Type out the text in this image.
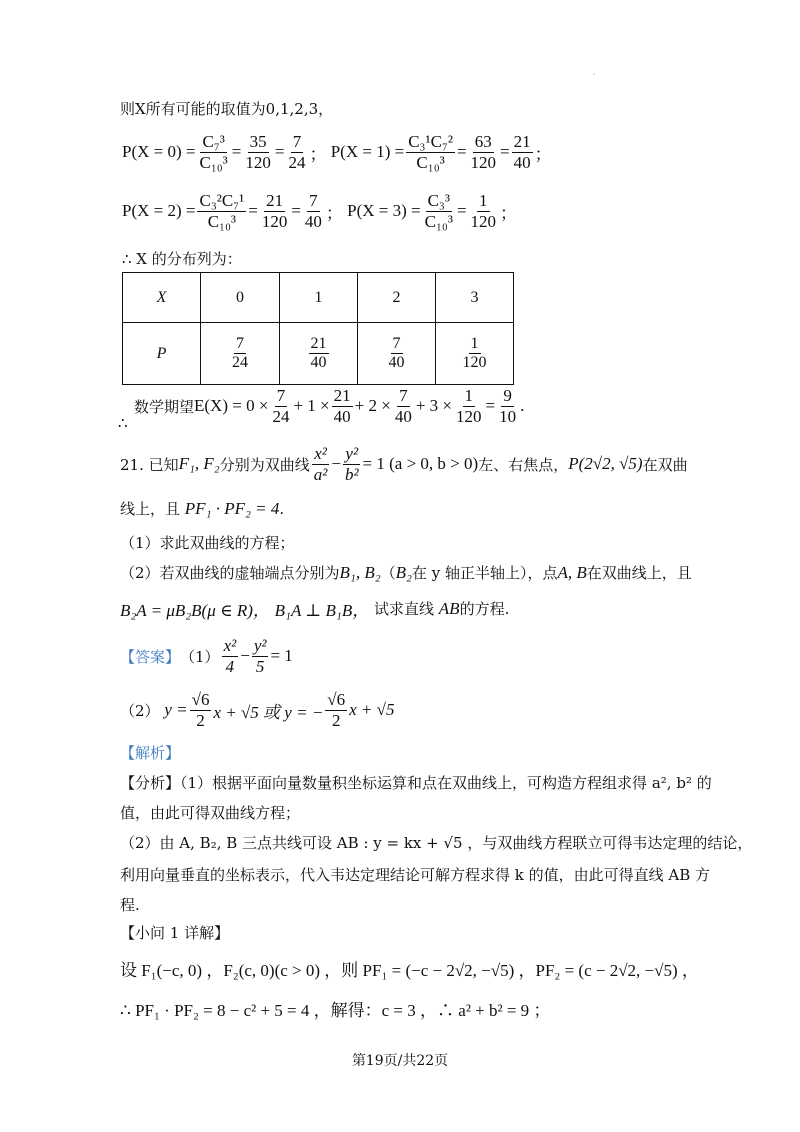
·
则X所有可能的取值为0,1,2,3，
$P(X = 0) = \frac{\text{C₇³}}{\text{C₁₀³}} = \frac{35}{120} = \frac{7}{24}$ ； $P(X = 1) = \frac{\text{C₃¹C₇²}}{\text{C₁₀³}} = \frac{63}{120} = \frac{21}{40}$ ；
$P(X = 2) = \frac{\text{C₃²C₇¹}}{\text{C₁₀³}} = \frac{21}{120} = \frac{7}{40}$ ； $P(X = 3) = \frac{\text{C₃³}}{\text{C₁₀³}} = \frac{1}{120}$ ；
∴ X 的分布列为：
X	0	1	2	3
P	$\frac{7}{24}$	$\frac{21}{40}$	$\frac{7}{40}$	$\frac{1}{120}$
∴
数学期望 $E(X) = 0 \times \frac{7}{24} + 1 \times \frac{21}{40} + 2 \times \frac{7}{40} + 3 \times \frac{1}{120} = \frac{9}{10}$ .
21. 已知 F₁, F₂ 分别为双曲线 $\frac{\text{x²}}{\text{a²}} - \frac{\text{y²}}{\text{b²}} = 1$ (a > 0, b > 0) 左、右焦点， P(2√2, √5) 在双曲
线上，且
PF₁ · PF₂ = 4 .
（1）求此双曲线的方程；
（2）若双曲线的虚轴端点分别为 B₁, B₂ （ B₂ 在 y 轴正半轴上），点 A, B 在双曲线上，且
B₂A = μB₂B(μ ∈ R)，
B₁A ⊥ B₁B，
试求直线
AB 的方程.
【答案】 $(1) \frac{\text{x²}}{4} - \frac{\text{y²}}{5} = 1$
（2）
$y = \frac{√6}{2}$ x + √5 或 y = − $\frac{√6}{2}$ x + √5
【解析】
【分析】（1）根据平面向量数量积坐标运算和点在双曲线上，可构造方程组求得 a², b² 的
值，由此可得双曲线方程；
（2）由 A, B₂, B 三点共线可设 AB : y = kx + √5 ，与双曲线方程联立可得韦达定理的结论，
利用向量垂直的坐标表示，代入韦达定理结论可解方程求得 k 的值，由此可得直线 AB 方
程.
【小问 1 详解】
设 F₁(−c, 0) ，F₂(c, 0)(c > 0) ，则 PF₁ = (−c − 2√2, −√5) ，PF₂ = (c − 2√2, −√5) ，
∴ PF₁ · PF₂ = 8 − c² + 5 = 4 ，解得：c = 3 ，∴ a² + b² = 9 ；
第19页/共22页
